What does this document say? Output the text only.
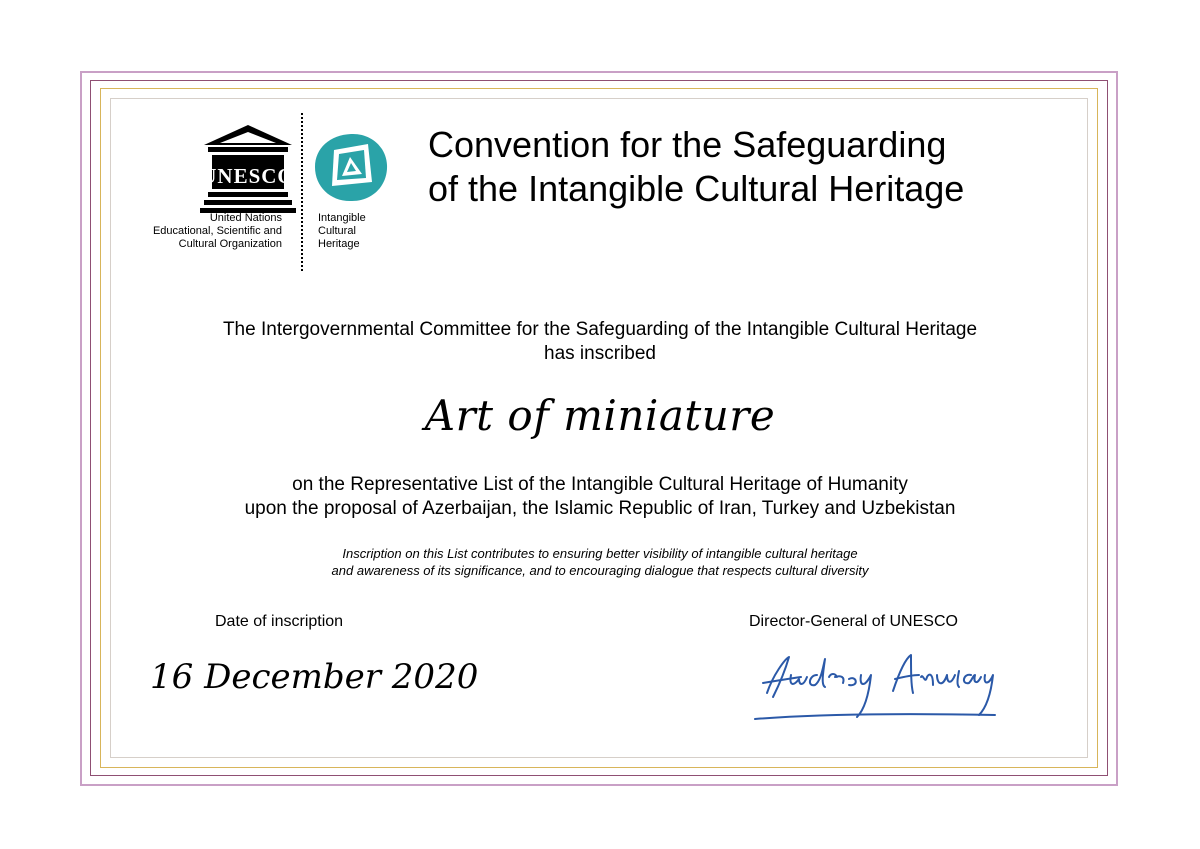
UNESCO
United Nations
Educational, Scientific and
Cultural Organization
Intangible
Cultural
Heritage
Convention for the Safeguarding
of the Intangible Cultural Heritage
The Intergovernmental Committee for the Safeguarding of the Intangible Cultural Heritage
has inscribed
Art of miniature
on the Representative List of the Intangible Cultural Heritage of Humanity
upon the proposal of Azerbaijan, the Islamic Republic of Iran, Turkey and Uzbekistan
Inscription on this List contributes to ensuring better visibility of intangible cultural heritage
and awareness of its significance, and to encouraging dialogue that respects cultural diversity
Date of inscription
16 December 2020
Director-General of UNESCO
